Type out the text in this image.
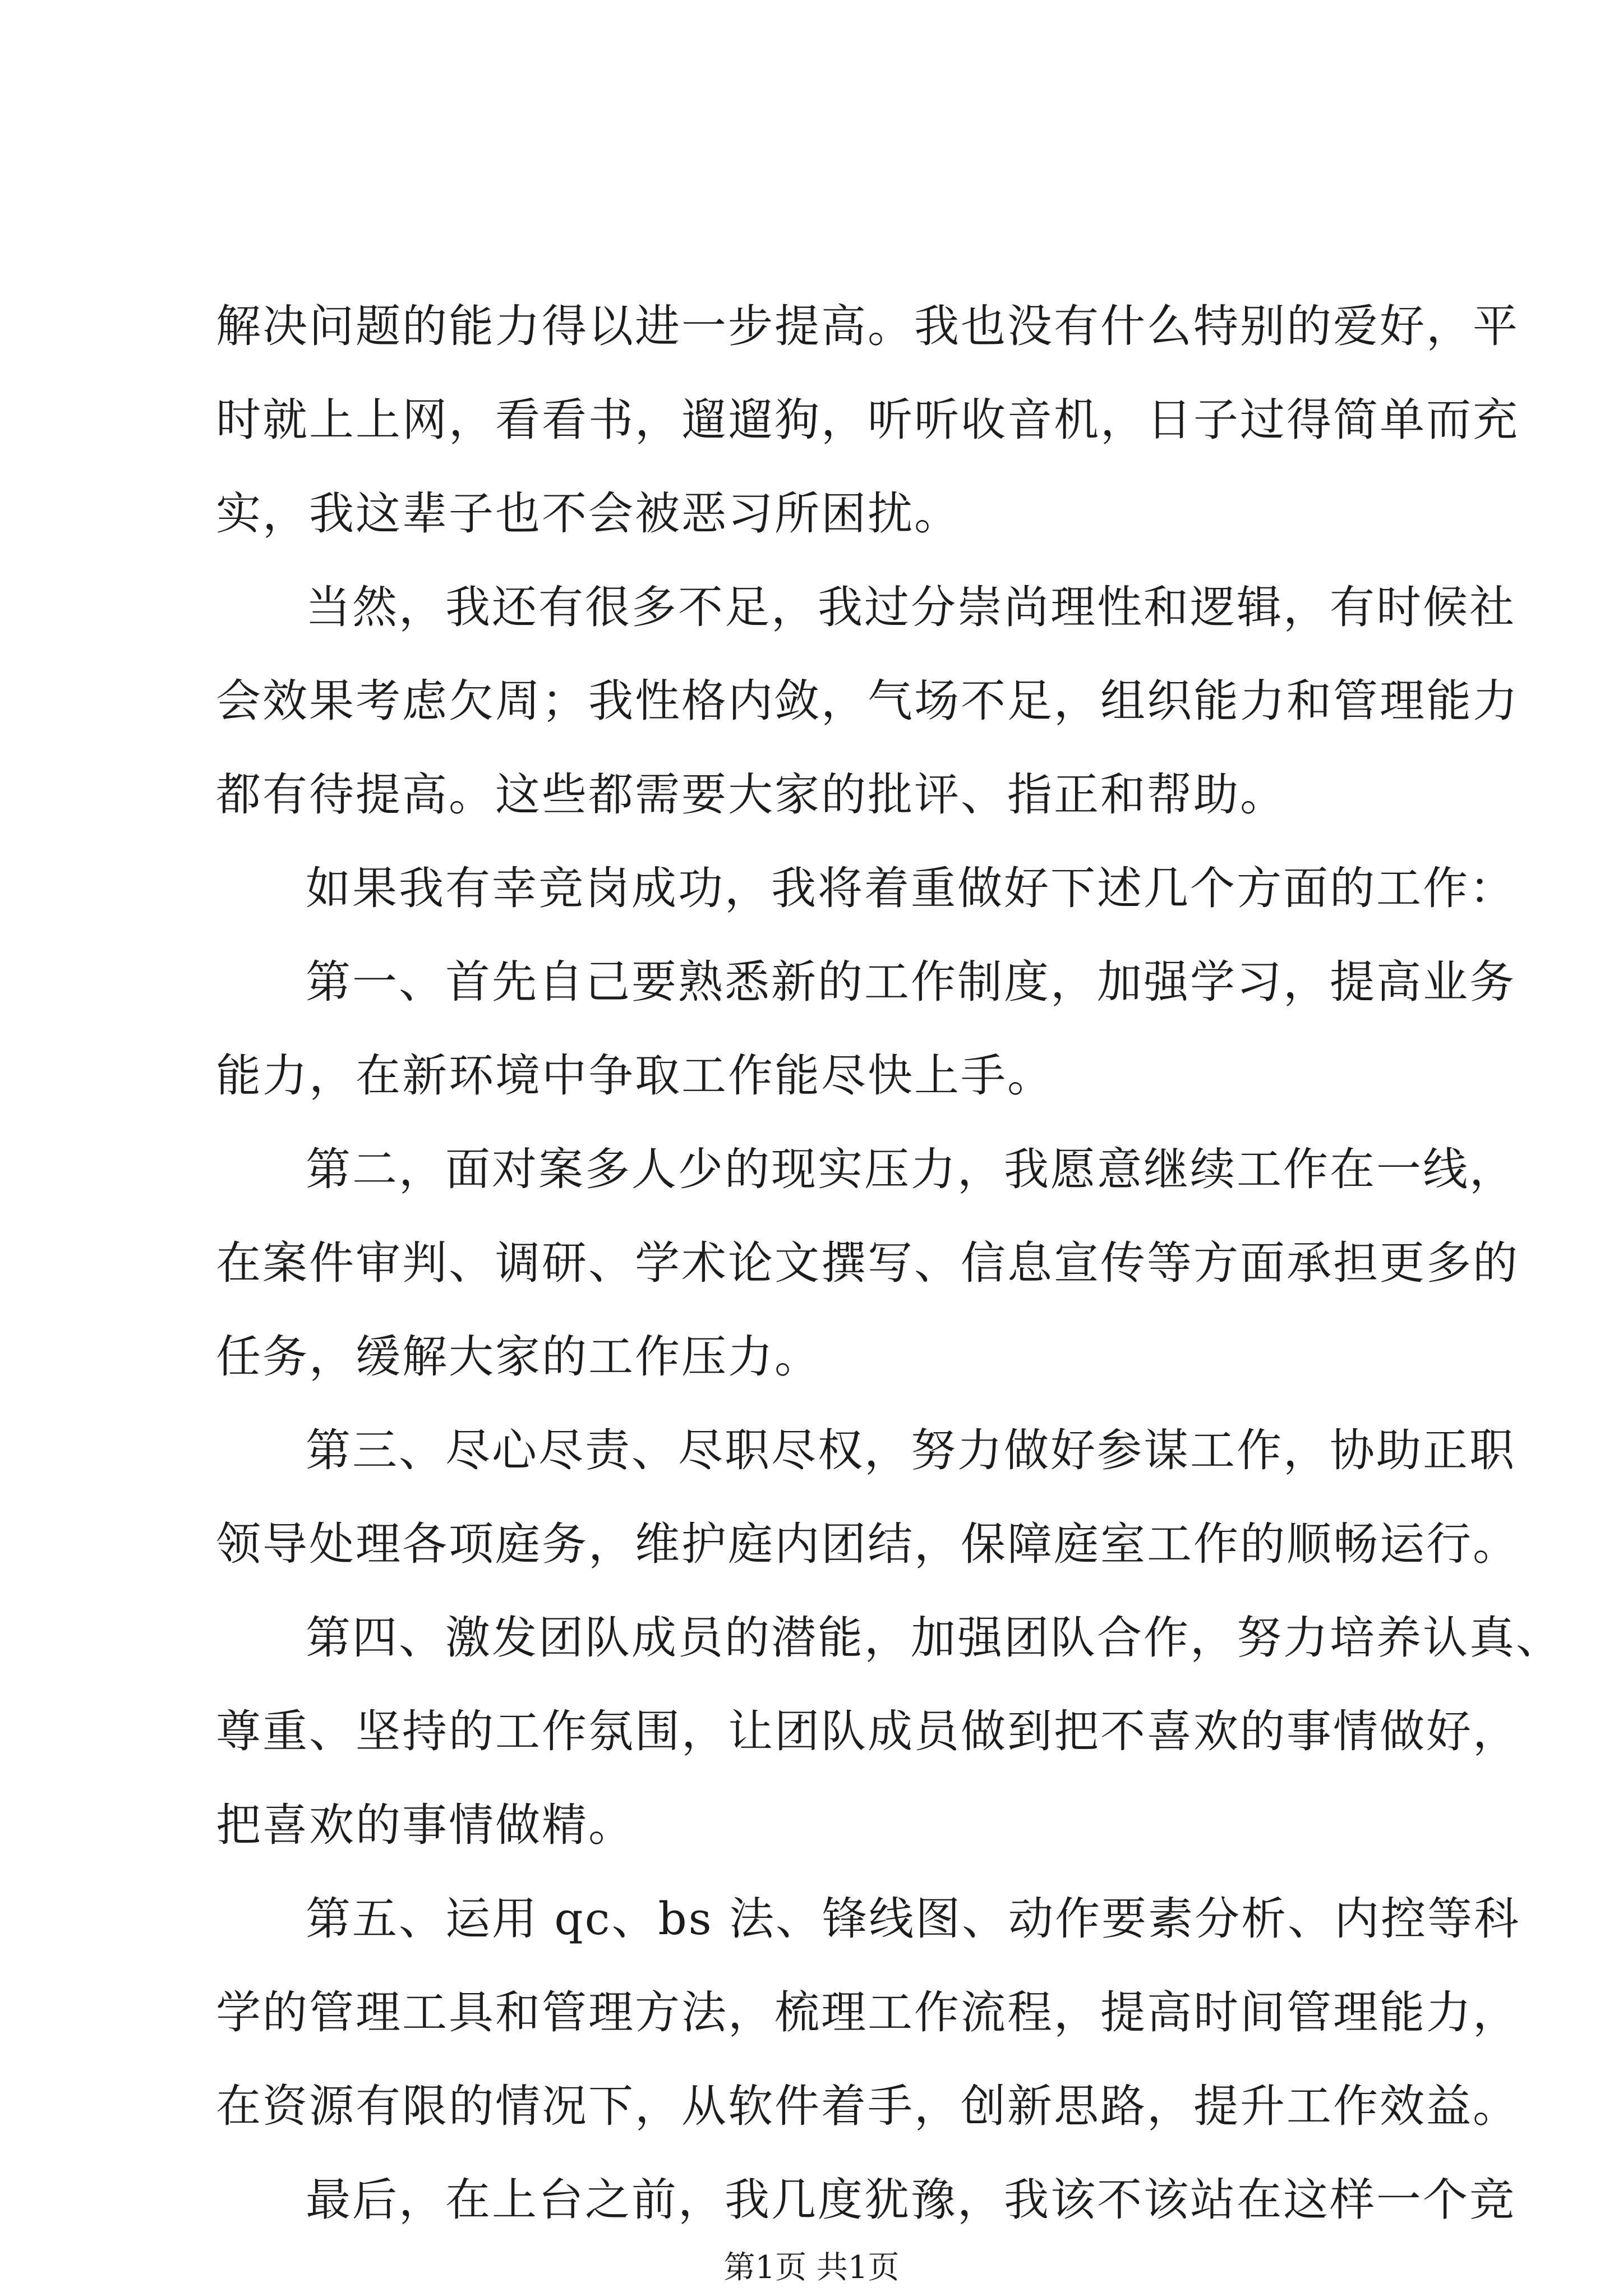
解决问题的能力得以进一步提高。我也没有什么特别的爱好，平
时就上上网，看看书，遛遛狗，听听收音机，日子过得简单而充
实，我这辈子也不会被恶习所困扰。
当然，我还有很多不足，我过分崇尚理性和逻辑，有时候社
会效果考虑欠周；我性格内敛，气场不足，组织能力和管理能力
都有待提高。这些都需要大家的批评、指正和帮助。
如果我有幸竞岗成功，我将着重做好下述几个方面的工作：
第一、首先自己要熟悉新的工作制度，加强学习，提高业务
能力，在新环境中争取工作能尽快上手。
第二，面对案多人少的现实压力，我愿意继续工作在一线，
在案件审判、调研、学术论文撰写、信息宣传等方面承担更多的
任务，缓解大家的工作压力。
第三、尽心尽责、尽职尽权，努力做好参谋工作，协助正职
领导处理各项庭务，维护庭内团结，保障庭室工作的顺畅运行。
第四、激发团队成员的潜能，加强团队合作，努力培养认真、
尊重、坚持的工作氛围，让团队成员做到把不喜欢的事情做好，
把喜欢的事情做精。
第五、运用 qc、bs 法、锋线图、动作要素分析、内控等科
学的管理工具和管理方法，梳理工作流程，提高时间管理能力，
在资源有限的情况下，从软件着手，创新思路，提升工作效益。
最后，在上台之前，我几度犹豫，我该不该站在这样一个竞
第1页 共1页
